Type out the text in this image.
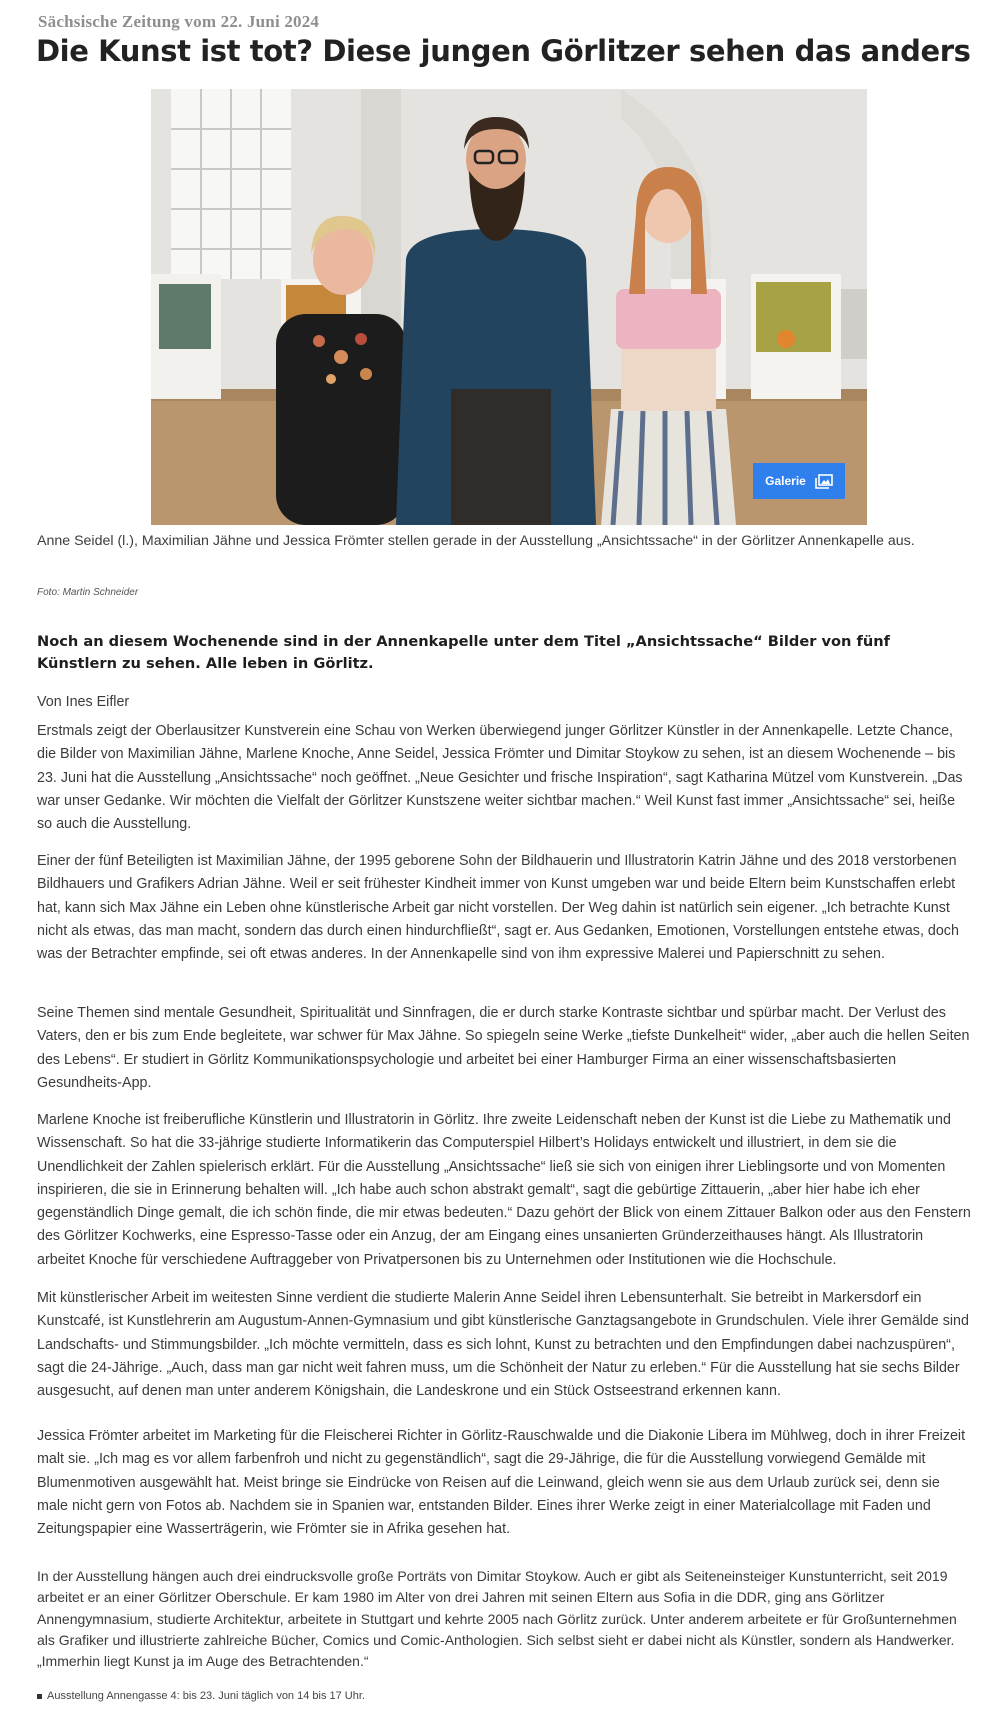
Sächsische Zeitung vom 22. Juni 2024
Die Kunst ist tot? Diese jungen Görlitzer sehen das anders
Galerie
Anne Seidel (l.), Maximilian Jähne und Jessica Frömter stellen gerade in der Ausstellung „Ansichtssache“ in der Görlitzer Annenkapelle aus.
Foto: Martin Schneider

Noch an diesem Wochenende sind in der Annenkapelle unter dem Titel „Ansichtssache“ Bilder von fünf Künstlern zu sehen. Alle leben in Görlitz.

Von Ines Eifler

Erstmals zeigt der Oberlausitzer Kunstverein eine Schau von Werken überwiegend junger Görlitzer Künstler in der Annenkapelle. Letzte Chance, die Bilder von Maximilian Jähne, Marlene Knoche, Anne Seidel, Jessica Frömter und Dimitar Stoykow zu sehen, ist an diesem Wochenende – bis 23. Juni hat die Ausstellung „Ansichtssache“ noch geöffnet. „Neue Gesichter und frische Inspiration“, sagt Katharina Mützel vom Kunstverein. „Das war unser Gedanke. Wir möchten die Vielfalt der Görlitzer Kunstszene weiter sichtbar machen.“ Weil Kunst fast immer „Ansichtssache“ sei, heiße so auch die Ausstellung.

Einer der fünf Beteiligten ist Maximilian Jähne, der 1995 geborene Sohn der Bildhauerin und Illustratorin Katrin Jähne und des 2018 verstorbenen Bildhauers und Grafikers Adrian Jähne. Weil er seit frühester Kindheit immer von Kunst umgeben war und beide Eltern beim Kunstschaffen erlebt hat, kann sich Max Jähne ein Leben ohne künstlerische Arbeit gar nicht vorstellen. Der Weg dahin ist natürlich sein eigener. „Ich betrachte Kunst nicht als etwas, das man macht, sondern das durch einen hindurchfließt“, sagt er. Aus Gedanken, Emotionen, Vorstellungen entstehe etwas, doch was der Betrachter empfinde, sei oft etwas anderes. In der Annenkapelle sind von ihm expressive Malerei und Papierschnitt zu sehen.

Seine Themen sind mentale Gesundheit, Spiritualität und Sinnfragen, die er durch starke Kontraste sichtbar und spürbar macht. Der Verlust des Vaters, den er bis zum Ende begleitete, war schwer für Max Jähne. So spiegeln seine Werke „tiefste Dunkelheit“ wider, „aber auch die hellen Seiten des Lebens“. Er studiert in Görlitz Kommunikationspsychologie und arbeitet bei einer Hamburger Firma an einer wissenschaftsbasierten Gesundheits-App.

Marlene Knoche ist freiberufliche Künstlerin und Illustratorin in Görlitz. Ihre zweite Leidenschaft neben der Kunst ist die Liebe zu Mathematik und Wissenschaft. So hat die 33-jährige studierte Informatikerin das Computerspiel Hilbert’s Holidays entwickelt und illustriert, in dem sie die Unendlichkeit der Zahlen spielerisch erklärt. Für die Ausstellung „Ansichtssache“ ließ sie sich von einigen ihrer Lieblingsorte und von Momenten inspirieren, die sie in Erinnerung behalten will. „Ich habe auch schon abstrakt gemalt“, sagt die gebürtige Zittauerin, „aber hier habe ich eher gegenständlich Dinge gemalt, die ich schön finde, die mir etwas bedeuten.“ Dazu gehört der Blick von einem Zittauer Balkon oder aus den Fenstern des Görlitzer Kochwerks, eine Espresso-Tasse oder ein Anzug, der am Eingang eines unsanierten Gründerzeithauses hängt. Als Illustratorin arbeitet Knoche für verschiedene Auftraggeber von Privatpersonen bis zu Unternehmen oder Institutionen wie die Hochschule.

Mit künstlerischer Arbeit im weitesten Sinne verdient die studierte Malerin Anne Seidel ihren Lebensunterhalt. Sie betreibt in Markersdorf ein Kunstcafé, ist Kunstlehrerin am Augustum-Annen-Gymnasium und gibt künstlerische Ganztagsangebote in Grundschulen. Viele ihrer Gemälde sind Landschafts- und Stimmungsbilder. „Ich möchte vermitteln, dass es sich lohnt, Kunst zu betrachten und den Empfindungen dabei nachzuspüren“, sagt die 24-Jährige. „Auch, dass man gar nicht weit fahren muss, um die Schönheit der Natur zu erleben.“ Für die Ausstellung hat sie sechs Bilder ausgesucht, auf denen man unter anderem Königshain, die Landeskrone und ein Stück Ostseestrand erkennen kann.

Jessica Frömter arbeitet im Marketing für die Fleischerei Richter in Görlitz-Rauschwalde und die Diakonie Libera im Mühlweg, doch in ihrer Freizeit malt sie. „Ich mag es vor allem farbenfroh und nicht zu gegenständlich“, sagt die 29-Jährige, die für die Ausstellung vorwiegend Gemälde mit Blumenmotiven ausgewählt hat. Meist bringe sie Eindrücke von Reisen auf die Leinwand, gleich wenn sie aus dem Urlaub zurück sei, denn sie male nicht gern von Fotos ab. Nachdem sie in Spanien war, entstanden Bilder. Eines ihrer Werke zeigt in einer Materialcollage mit Faden und Zeitungspapier eine Wasserträgerin, wie Frömter sie in Afrika gesehen hat.

In der Ausstellung hängen auch drei eindrucksvolle große Porträts von Dimitar Stoykow. Auch er gibt als Seiteneinsteiger Kunstunterricht, seit 2019 arbeitet er an einer Görlitzer Oberschule. Er kam 1980 im Alter von drei Jahren mit seinen Eltern aus Sofia in die DDR, ging ans Görlitzer Annengymnasium, studierte Architektur, arbeitete in Stuttgart und kehrte 2005 nach Görlitz zurück. Unter anderem arbeitete er für Großunternehmen als Grafiker und illustrierte zahlreiche Bücher, Comics und Comic-Anthologien. Sich selbst sieht er dabei nicht als Künstler, sondern als Handwerker. „Immerhin liegt Kunst ja im Auge des Betrachtenden.“

Ausstellung Annengasse 4: bis 23. Juni täglich von 14 bis 17 Uhr.
